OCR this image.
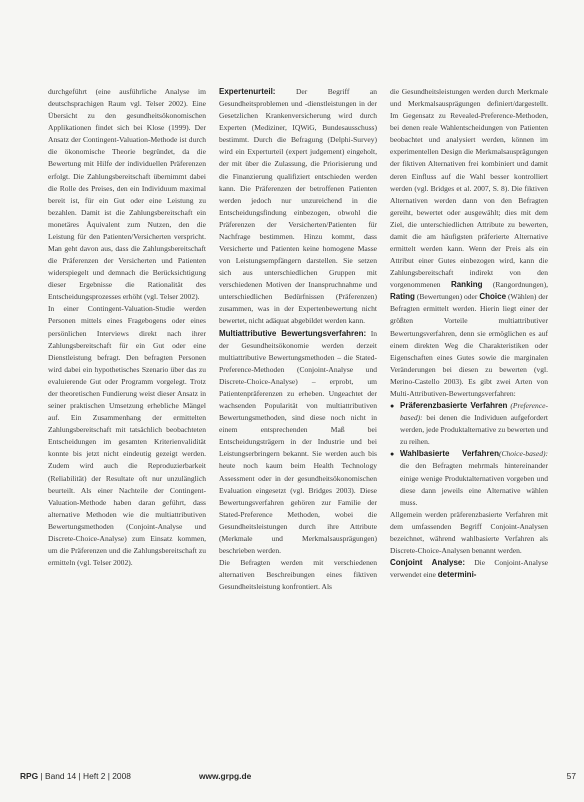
durchgeführt (eine ausführliche Analyse im deutschsprachigen Raum vgl. Telser 2002). Eine Übersicht zu den gesundheitsökonomischen Applikationen findet sich bei Klose (1999). Der Ansatz der Contingent-Valuation-Methode ist durch die ökonomische Theorie begründet, da die Bewertung mit Hilfe der individuellen Präferenzen erfolgt. Die Zahlungsbereitschaft übernimmt dabei die Rolle des Preises, den ein Individuum maximal bereit ist, für ein Gut oder eine Leistung zu bezahlen. Damit ist die Zahlungsbereitschaft ein monetäres Äquivalent zum Nutzen, den die Leistung für den Patienten/Versicherten verspricht. Man geht davon aus, dass die Zahlungsbereitschaft die Präferenzen der Versicherten und Patienten widerspiegelt und demnach die Berücksichtigung dieser Ergebnisse die Rationalität des Entscheidungsprozesses erhöht (vgl. Telser 2002).

In einer Contingent-Valuation-Studie werden Personen mittels eines Fragebogens oder eines persönlichen Interviews direkt nach ihrer Zahlungsbereitschaft für ein Gut oder eine Dienstleistung befragt. Den befragten Personen wird dabei ein hypothetisches Szenario über das zu evaluierende Gut oder Programm vorgelegt. Trotz der theoretischen Fundierung weist dieser Ansatz in seiner praktischen Umsetzung erhebliche Mängel auf. Ein Zusammenhang der ermittelten Zahlungsbereitschaft mit tatsächlich beobachteten Entscheidungen im gesamten Kriterienvalidität konnte bis jetzt nicht eindeutig gezeigt werden. Zudem wird auch die Reproduzierbarkeit (Reliabilität) der Resultate oft nur unzulänglich beurteilt. Als einer Nachteile der Contingent-Valuation-Methode haben daran geführt, dass alternative Methoden wie die multiattributiven Bewertungsmethoden (Conjoint-Analyse und Discrete-Choice-Analyse) zum Einsatz kommen, um die Präferenzen und die Zahlungsbereitschaft zu ermitteln (vgl. Telser 2002).

Expertenurteil: Der Begriff an Gesundheitsproblemen und -dienstleistungen in der Gesetzlichen Krankenversicherung wird durch Experten (Mediziner, IQWiG, Bundesausschuss) bestimmt. Durch die Befragung (Delphi-Survey) wird ein Experturteil (expert judgement) eingeholt, der mit über die Zulassung, die Priorisierung und die Finanzierung qualifiziert entschieden werden kann. Die Präferenzen der betroffenen Patienten werden jedoch nur unzureichend in die Entscheidungsfindung einbezogen, obwohl die Präferenzen der Versicherten/Patienten für Nachfrage bestimmen. Hinzu kommt, dass Versicherte und Patienten keine homogene Masse von Leistungsempfängern darstellen. Sie setzen sich aus unterschiedlichen Gruppen mit verschiedenen Motiven der Inanspruchnahme und unterschiedlichen Bedürfnissen (Präferenzen) zusammen, was in der Expertenbewertung nicht bewertet, nicht adäquat abgebildet werden kann.

Multiattributive Bewertungsverfahren: In der Gesundheitsökonomie werden derzeit multiattributive Bewertungsmethoden – die Stated-Preference-Methoden (Conjoint-Analyse und Discrete-Choice-Analyse) – erprobt, um Patientenpräferenzen zu erheben. Ungeachtet der wachsenden Popularität von multiattributiven Bewertungsmethoden, sind diese noch nicht in einem entsprechenden Maß bei Entscheidungsträgern in der Industrie und bei Leistungserbringern bekannt. Sie werden auch bis heute noch kaum beim Health Technology Assessment oder in der gesundheitsökonomischen Evaluation eingesetzt (vgl. Bridges 2003). Diese Bewertungsverfahren gehören zur Familie der Stated-Preference Methoden, wobei die Gesundheitsleistungen durch ihre Attribute (Merkmale und Merkmalsausprägungen) beschrieben werden.

Die Befragten werden mit verschiedenen alternativen Beschreibungen eines fiktiven Gesundheitsleistung konfrontiert. Als

die Gesundheitsleistungen werden durch Merkmale und Merkmalsausprägungen definiert/dargestellt. Im Gegensatz zu Revealed-Preference-Methoden, bei denen reale Wahlentscheidungen von Patienten beobachtet und analysiert werden, können im experimentellen Design die Merkmalsausprägungen der fiktiven Alternativen frei kombiniert und damit deren Einfluss auf die Wahl besser kontrolliert werden (vgl. Bridges et al. 2007, S. 8). Die fiktiven Alternativen werden dann von den Befragten gereiht, bewertet oder ausgewählt; dies mit dem Ziel, die unterschiedlichen Attribute zu bewerten, damit die am häufigsten präferierte Alternative ermittelt werden kann. Wenn der Preis als ein Attribut einer Gutes einbezogen wird, kann die Zahlungsbereitschaft indirekt von den vorgenommenen Ranking (Rangordnungen), Rating (Bewertungen) oder Choice (Wählen) der Befragten ermittelt werden. Hierin liegt einer der größten Vorteile multiattributiver Bewertungsverfahren, denn sie ermöglichen es auf einem direkten Weg die Charakteristiken oder Eigenschaften eines Gutes sowie die marginalen Veränderungen bei diesen zu bewerten (vgl. Merino-Castello 2003). Es gibt zwei Arten von Multi-Attributiven-Bewertungsverfahren:

● Präferenzbasierte Verfahren (Preference-based): bei denen die Individuen aufgefordert werden, jede Produktalternative zu bewerten und zu reihen.
● Wahlbasierte Verfahren(Choice-based): die den Befragten mehrmals hintereinander einige wenige Produktalternativen vorgeben und diese dann jeweils eine Alternative wählen muss.

Allgemein werden präferenzbasierte Verfahren mit dem umfassenden Begriff Conjoint-Analysen bezeichnet, während wahlbasierte Verfahren als Discrete-Choice-Analysen benannt werden.

Conjoint Analyse: Die Conjoint-Analyse verwendet eine determini-

RPG | Band 14 | Heft 2 | 2008	www.grpg.de	57
